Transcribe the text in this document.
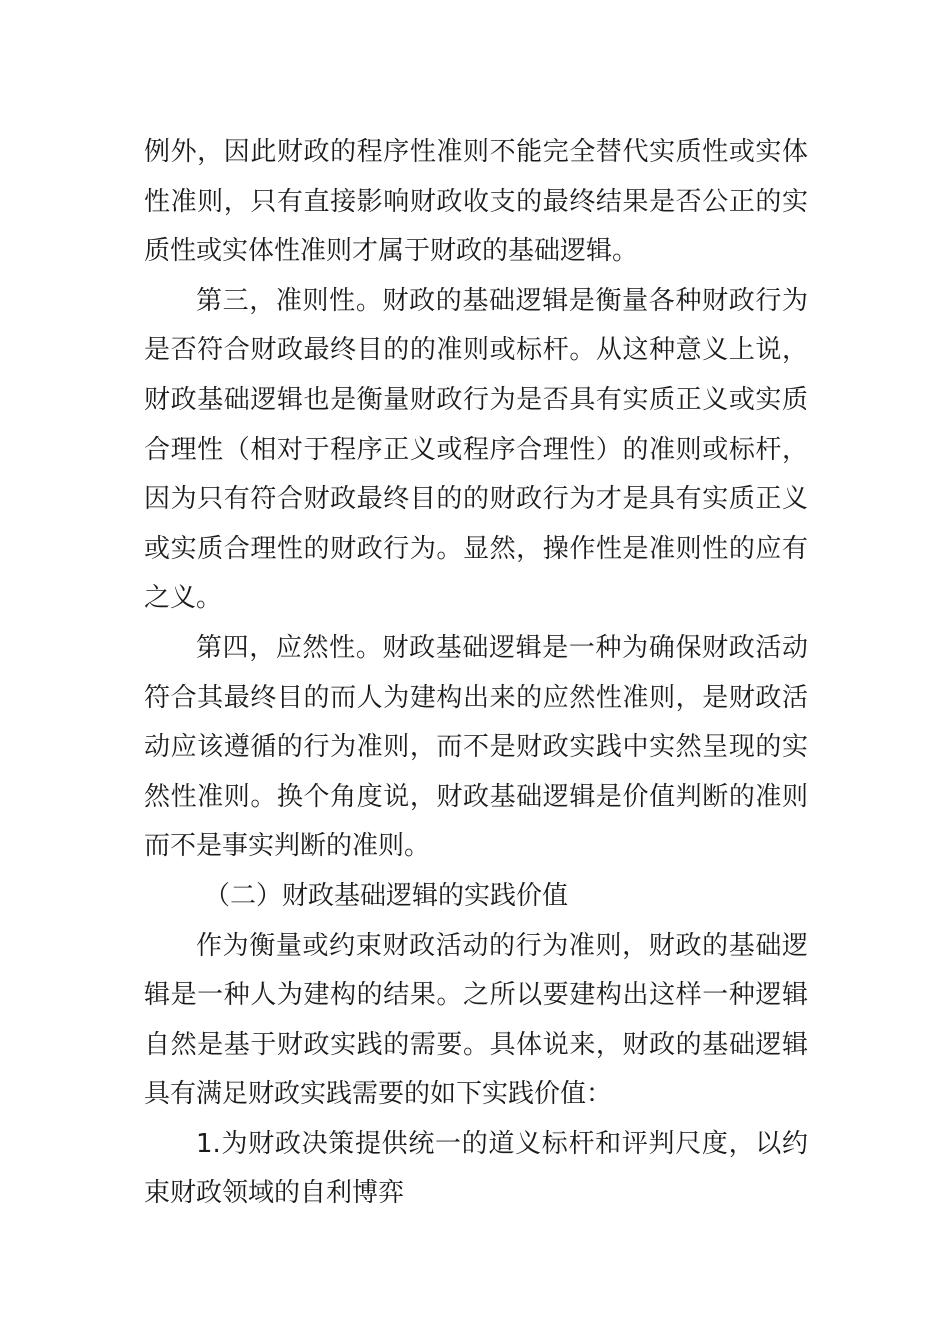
例外，因此财政的程序性准则不能完全替代实质性或实体性准则，只有直接影响财政收支的最终结果是否公正的实质性或实体性准则才属于财政的基础逻辑。

第三，准则性。财政的基础逻辑是衡量各种财政行为是否符合财政最终目的的准则或标杆。从这种意义上说，财政基础逻辑也是衡量财政行为是否具有实质正义或实质合理性（相对于程序正义或程序合理性）的准则或标杆，因为只有符合财政最终目的的财政行为才是具有实质正义或实质合理性的财政行为。显然，操作性是准则性的应有之义。

第四，应然性。财政基础逻辑是一种为确保财政活动符合其最终目的而人为建构出来的应然性准则，是财政活动应该遵循的行为准则，而不是财政实践中实然呈现的实然性准则。换个角度说，财政基础逻辑是价值判断的准则而不是事实判断的准则。

（二）财政基础逻辑的实践价值

作为衡量或约束财政活动的行为准则，财政的基础逻辑是一种人为建构的结果。之所以要建构出这样一种逻辑自然是基于财政实践的需要。具体说来，财政的基础逻辑具有满足财政实践需要的如下实践价值：

1.为财政决策提供统一的道义标杆和评判尺度，以约束财政领域的自利博弈
